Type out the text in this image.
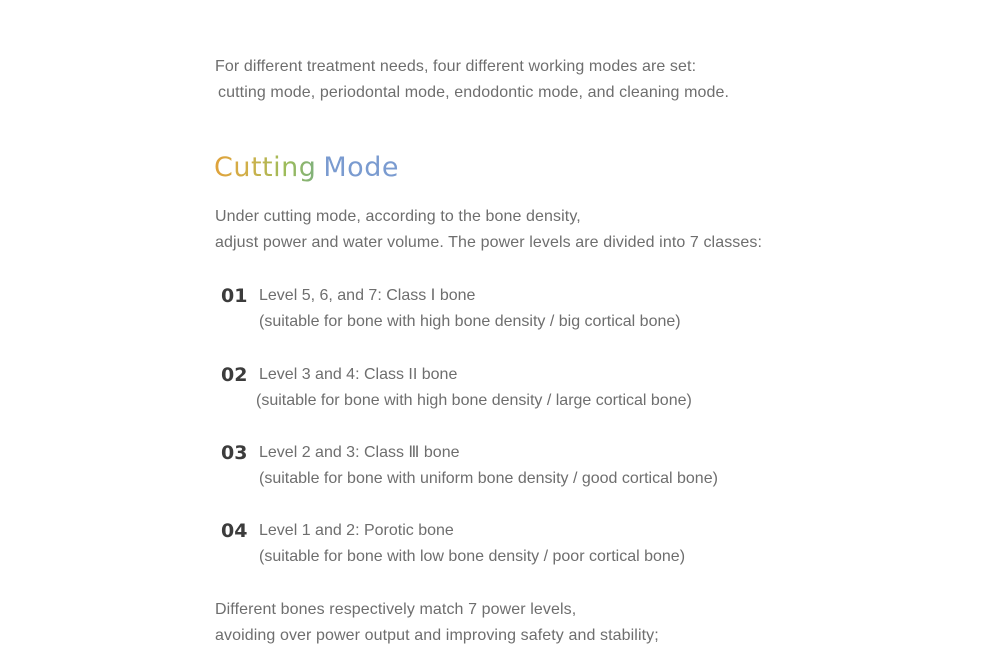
For different treatment needs, four different working modes are set:
cutting mode, periodontal mode, endodontic mode, and cleaning mode.

Cutting Mode

Under cutting mode, according to the bone density,
adjust power and water volume. The power levels are divided into 7 classes:

01 Level 5, 6, and 7: Class Ⅰ bone
(suitable for bone with high bone density / big cortical bone)
02 Level 3 and 4: Class II bone
(suitable for bone with high bone density / large cortical bone)
03 Level 2 and 3: Class Ⅲ bone
(suitable for bone with uniform bone density / good cortical bone)
04 Level 1 and 2: Porotic bone
(suitable for bone with low bone density / poor cortical bone)

Different bones respectively match 7 power levels,
avoiding over power output and improving safety and stability;
